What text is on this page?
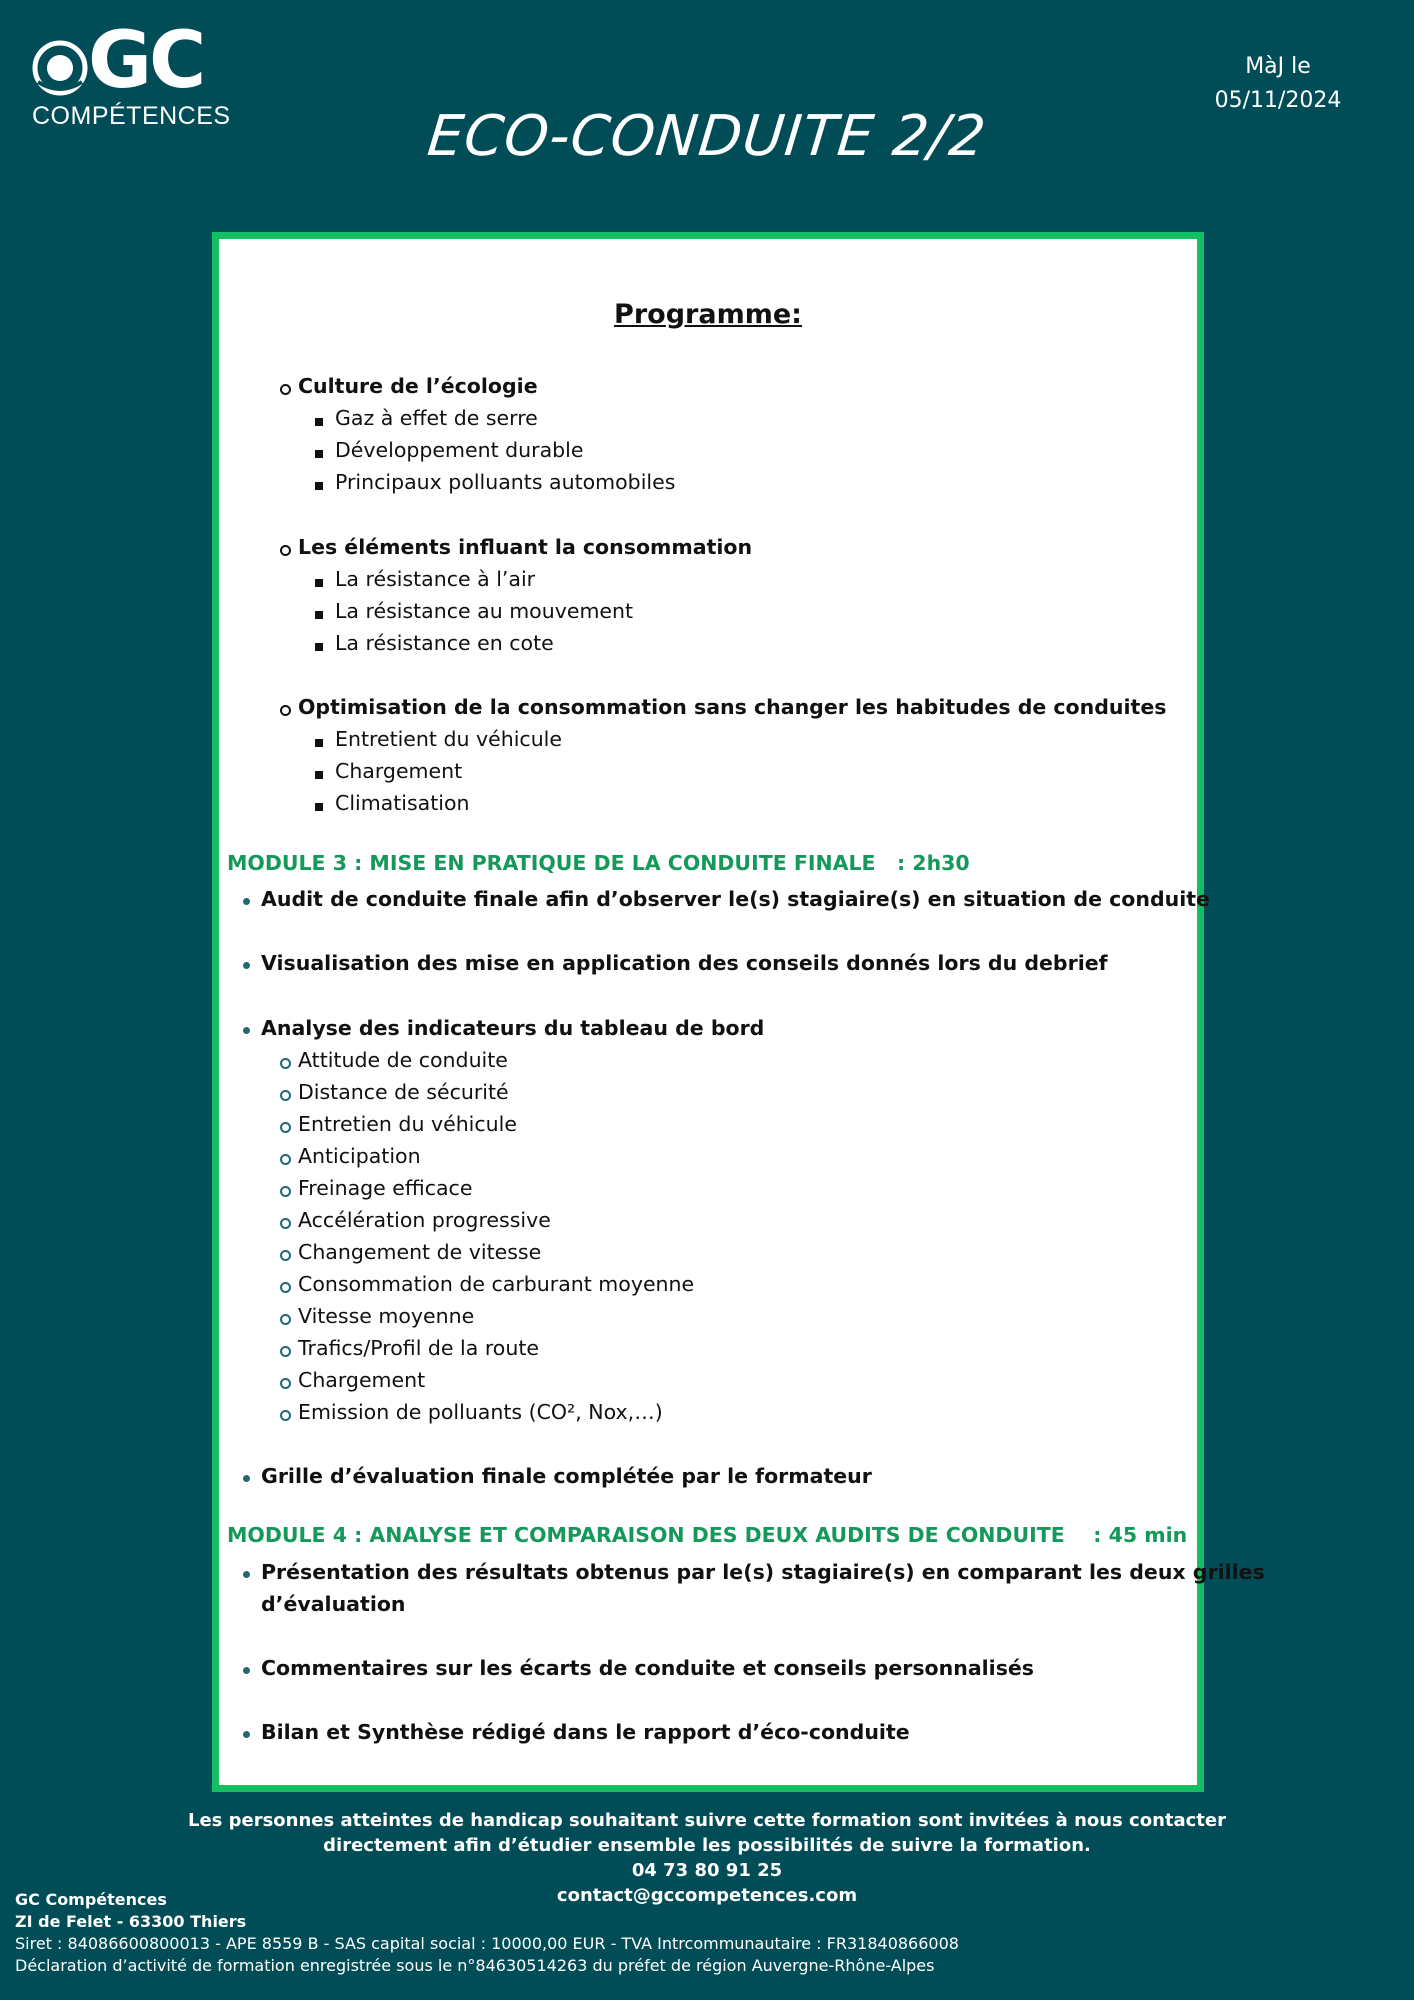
GC
COMPÉTENCES
MàJ le
05/11/2024
ECO-CONDUITE 2/2
Programme:
Culture de l’écologie
Gaz à effet de serre
Développement durable
Principaux polluants automobiles
Les éléments influant la consommation
La résistance à l’air
La résistance au mouvement
La résistance en cote
Optimisation de la consommation sans changer les habitudes de conduites
Entretient du véhicule
Chargement
Climatisation
MODULE 3 : MISE EN PRATIQUE DE LA CONDUITE FINALE   : 2h30
Audit de conduite finale afin d’observer le(s) stagiaire(s) en situation de conduite
Visualisation des mise en application des conseils donnés lors du debrief
Analyse des indicateurs du tableau de bord
Attitude de conduite
Distance de sécurité
Entretien du véhicule
Anticipation
Freinage efficace
Accélération progressive
Changement de vitesse
Consommation de carburant moyenne
Vitesse moyenne
Trafics/Profil de la route
Chargement
Emission de polluants (CO², Nox,…)
Grille d’évaluation finale complétée par le formateur
MODULE 4 : ANALYSE ET COMPARAISON DES DEUX AUDITS DE CONDUITE    : 45 min
Présentation des résultats obtenus par le(s) stagiaire(s) en comparant les deux grilles
d’évaluation
Commentaires sur les écarts de conduite et conseils personnalisés
Bilan et Synthèse rédigé dans le rapport d’éco-conduite
Les personnes atteintes de handicap souhaitant suivre cette formation sont invitées à nous contacter
directement afin d’étudier ensemble les possibilités de suivre la formation.
04 73 80 91 25
contact@gccompetences.com
GC Compétences
ZI de Felet - 63300 Thiers
Siret : 84086600800013 - APE 8559 B - SAS capital social : 10000,00 EUR - TVA Intrcommunautaire : FR31840866008
Déclaration d’activité de formation enregistrée sous le n°84630514263 du préfet de région Auvergne-Rhône-Alpes
